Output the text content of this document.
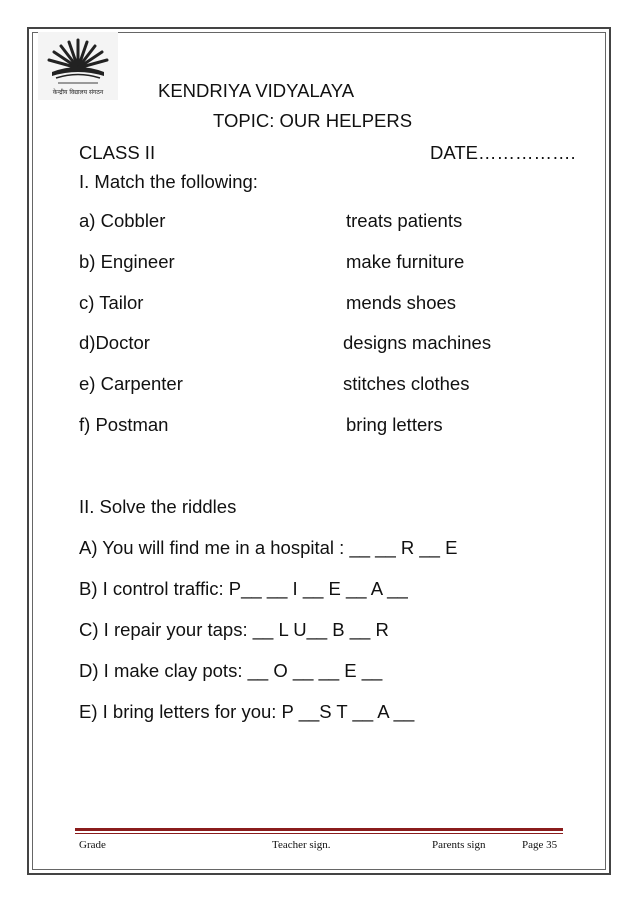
केन्द्रीय विद्यालय संगठन	KENDRIYA VIDYALAYA
TOPIC: OUR HELPERS
CLASS II	DATE…………….
I. Match the following:
a) Cobbler	treats patients
b) Engineer	make furniture
c) Tailor	mends shoes
d)Doctor	designs machines
e) Carpenter	stitches clothes
f) Postman	bring letters
II. Solve the riddles
A) You will find me in a hospital : __ __ R __ E
B) I control traffic: P__ __ I __ E __ A __
C) I repair your taps: __ L U__ B __ R
D) I make clay pots: __ O __ __ E __
E) I bring letters for you: P __S T __ A __
Grade	Teacher sign.	Parents sign	Page 35
